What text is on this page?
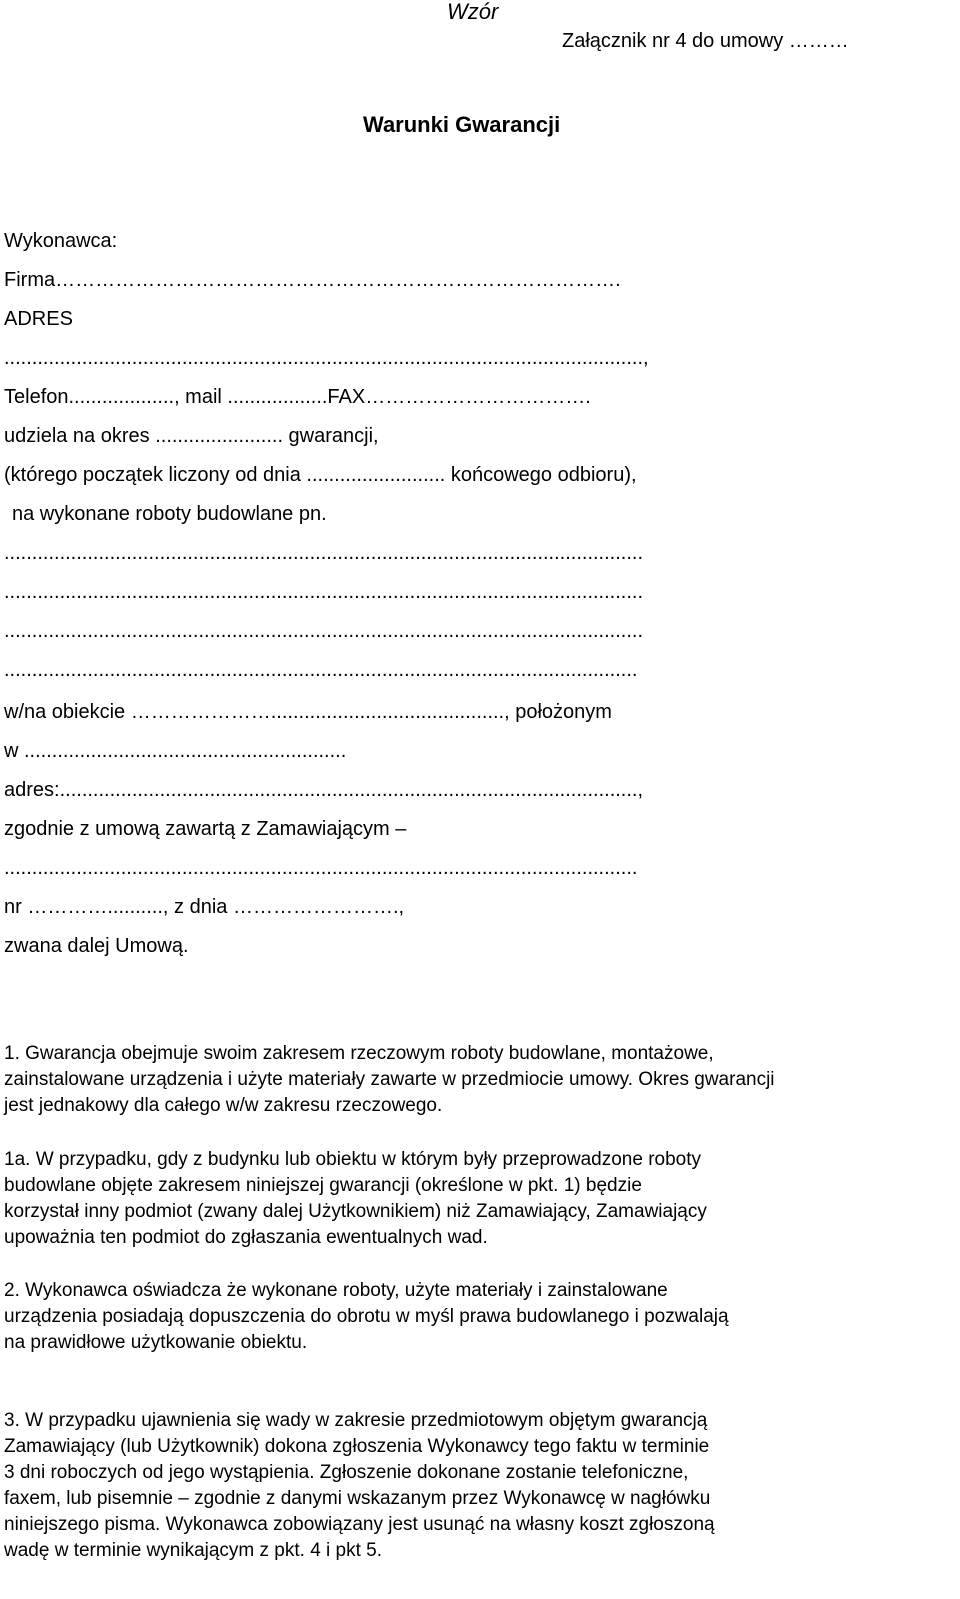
Wzór
Załącznik nr 4 do umowy ………
Warunki Gwarancji
Wykonawca:
Firma………………………………………………………………………….
ADRES
...................................................................................................................,
Telefon..................., mail ..................FAX…………………………….
udziela na okres ....................... gwarancji,
(którego początek liczony od dnia ......................... końcowego odbioru),
na wykonane roboty budowlane pn.
...................................................................................................................
...................................................................................................................
...................................................................................................................
..................................................................................................................
w/na obiekcie ………………….........................................., położonym
w ..........................................................
adres:........................................................................................................,
zgodnie z umową zawartą z Zamawiającym –
..................................................................................................................
nr ………….........., z dnia …………………….,
zwana dalej Umową.
1. Gwarancja obejmuje swoim zakresem rzeczowym roboty budowlane, montażowe,
zainstalowane urządzenia i użyte materiały zawarte w przedmiocie umowy. Okres gwarancji
jest jednakowy dla całego w/w zakresu rzeczowego.
1a. W przypadku, gdy z budynku lub obiektu w którym były przeprowadzone roboty
budowlane objęte zakresem niniejszej gwarancji (określone w pkt. 1) będzie
korzystał inny podmiot (zwany dalej Użytkownikiem) niż Zamawiający, Zamawiający
upoważnia ten podmiot do zgłaszania ewentualnych wad.
2. Wykonawca oświadcza że wykonane roboty, użyte materiały i zainstalowane
urządzenia posiadają dopuszczenia do obrotu w myśl prawa budowlanego i pozwalają
na prawidłowe użytkowanie obiektu.
3. W przypadku ujawnienia się wady w zakresie przedmiotowym objętym gwarancją
Zamawiający (lub Użytkownik) dokona zgłoszenia Wykonawcy tego faktu w terminie
3 dni roboczych od jego wystąpienia. Zgłoszenie dokonane zostanie telefoniczne,
faxem, lub pisemnie – zgodnie z danymi wskazanym przez Wykonawcę w nagłówku
niniejszego pisma. Wykonawca zobowiązany jest usunąć na własny koszt zgłoszoną
wadę w terminie wynikającym z pkt. 4 i pkt 5.
